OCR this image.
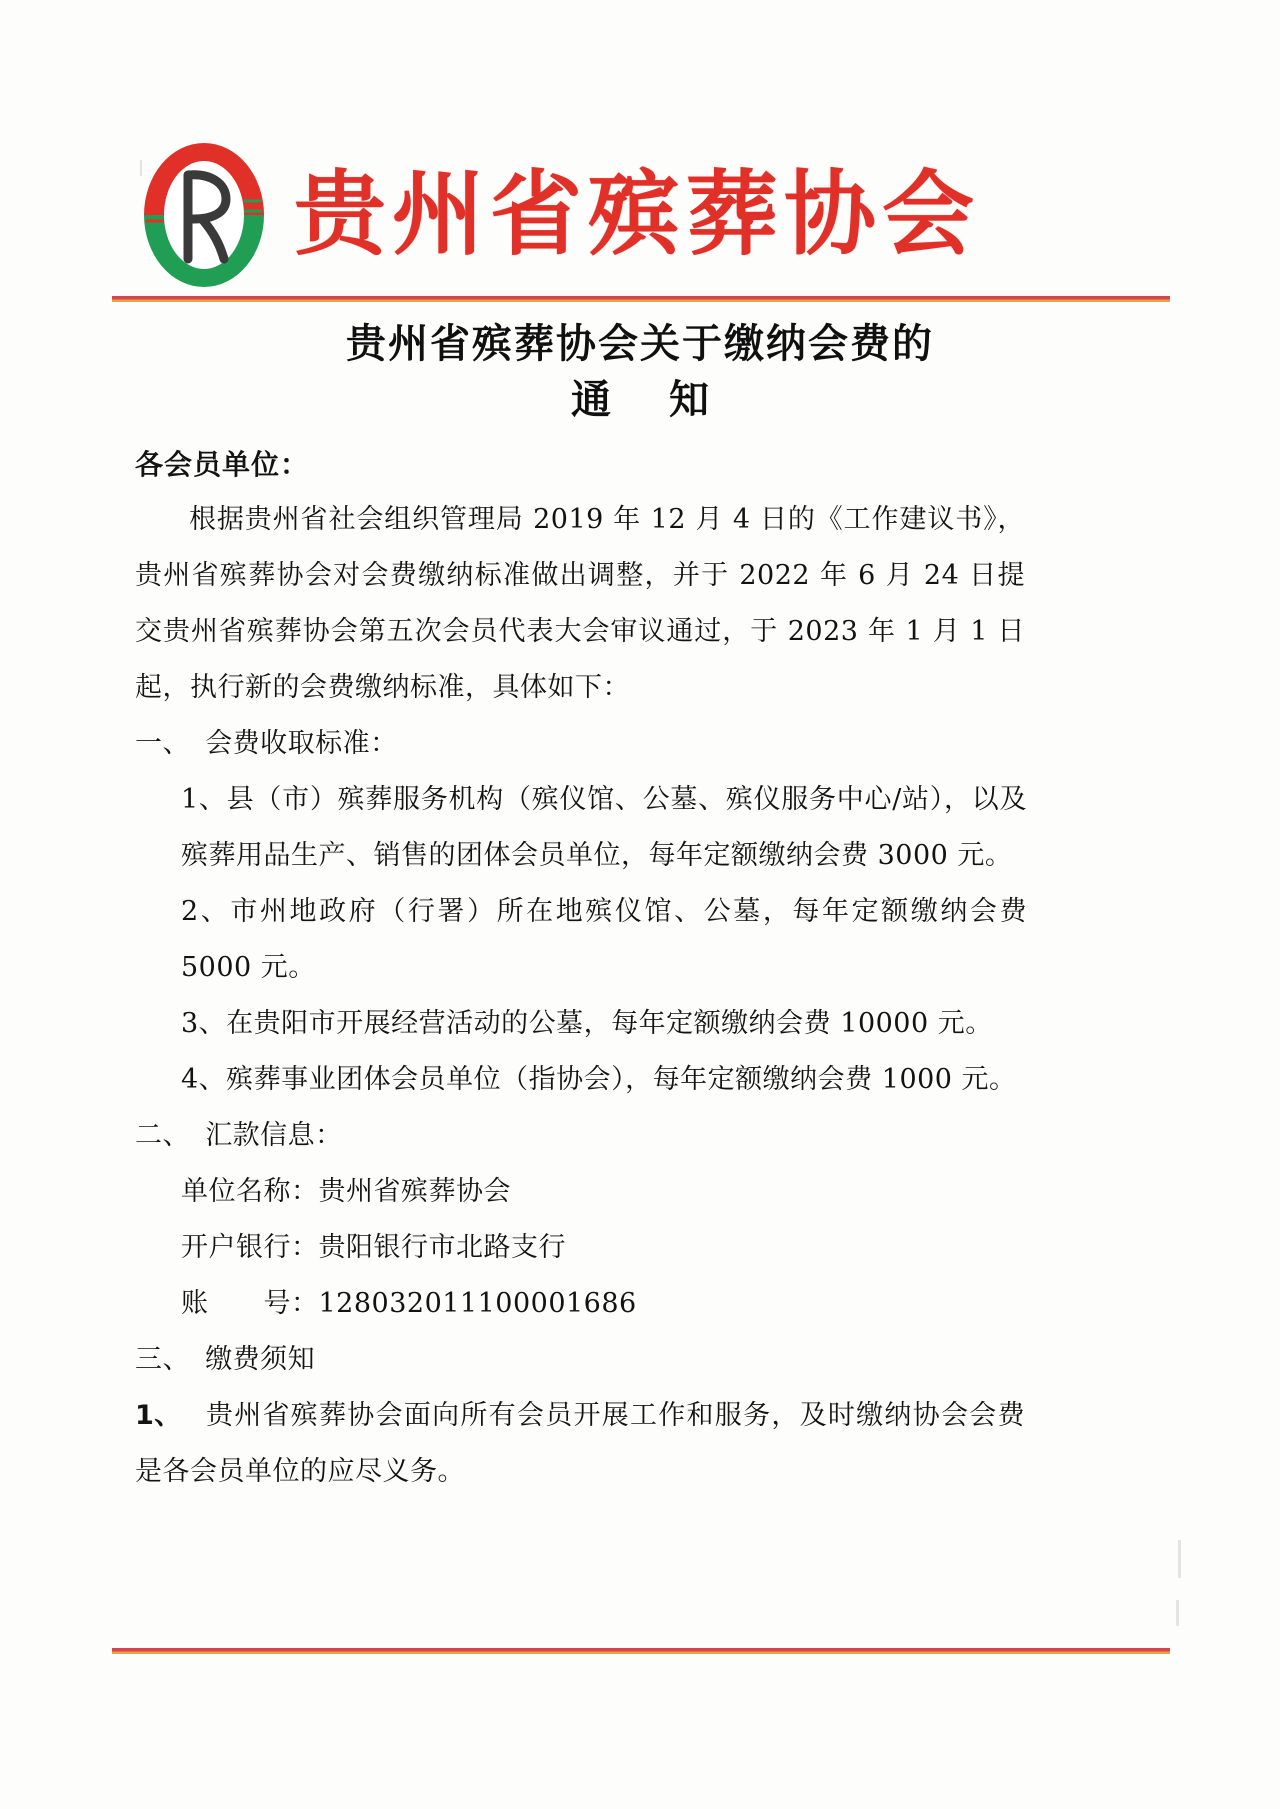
贵州省殡葬协会
贵州省殡葬协会关于缴纳会费的
通 知
各会员单位：
根据贵州省社会组织管理局 2019 年 12 月 4 日的《工作建议书》，贵州省殡葬协会对会费缴纳标准做出调整，并于 2022 年 6 月 24 日提交贵州省殡葬协会第五次会员代表大会审议通过，于 2023 年 1 月 1 日起，执行新的会费缴纳标准，具体如下：
一、 会费收取标准：
1、县（市）殡葬服务机构（殡仪馆、公墓、殡仪服务中心/站），以及殡葬用品生产、销售的团体会员单位，每年定额缴纳会费 3000 元。
2、市州地政府（行署）所在地殡仪馆、公墓，每年定额缴纳会费 5000 元。
3、在贵阳市开展经营活动的公墓，每年定额缴纳会费 10000 元。
4、殡葬事业团体会员单位（指协会），每年定额缴纳会费 1000 元。
二、 汇款信息：
单位名称：贵州省殡葬协会
开户银行：贵阳银行市北路支行
账　　号：128032011100001686
三、 缴费须知
1、 贵州省殡葬协会面向所有会员开展工作和服务，及时缴纳协会会费是各会员单位的应尽义务。
